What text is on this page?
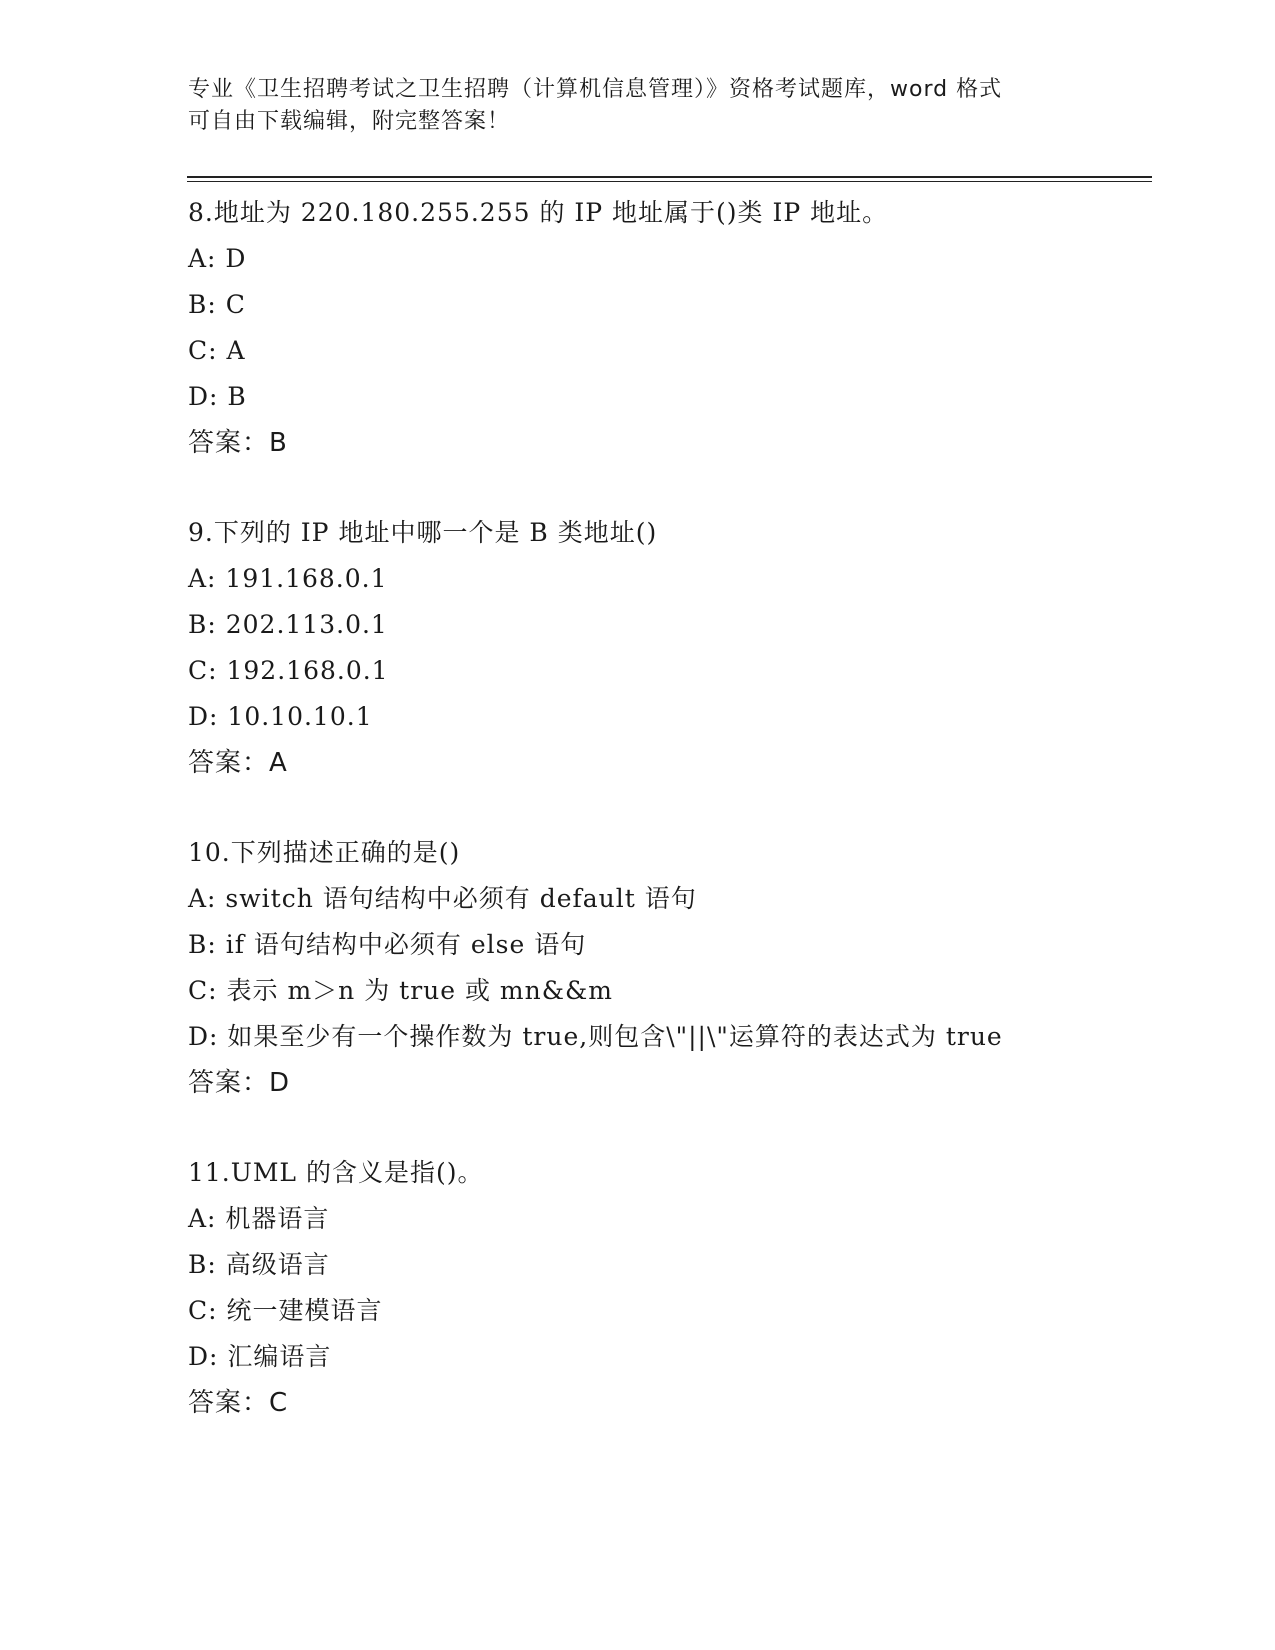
专业《卫生招聘考试之卫生招聘（计算机信息管理）》资格考试题库，word 格式
可自由下载编辑，附完整答案！
8.地址为 220.180.255.255 的 IP 地址属于()类 IP 地址。
A: D
B: C
C: A
D: B
答案：B
9.下列的 IP 地址中哪一个是 B 类地址()
A: 191.168.0.1
B: 202.113.0.1
C: 192.168.0.1
D: 10.10.10.1
答案：A
10.下列描述正确的是()
A: switch 语句结构中必须有 default 语句
B: if 语句结构中必须有 else 语句
C: 表示 m＞n 为 true 或 mn&&m
D: 如果至少有一个操作数为 true,则包含\"||\"运算符的表达式为 true
答案：D
11.UML 的含义是指()。
A: 机器语言
B: 高级语言
C: 统一建模语言
D: 汇编语言
答案：C
